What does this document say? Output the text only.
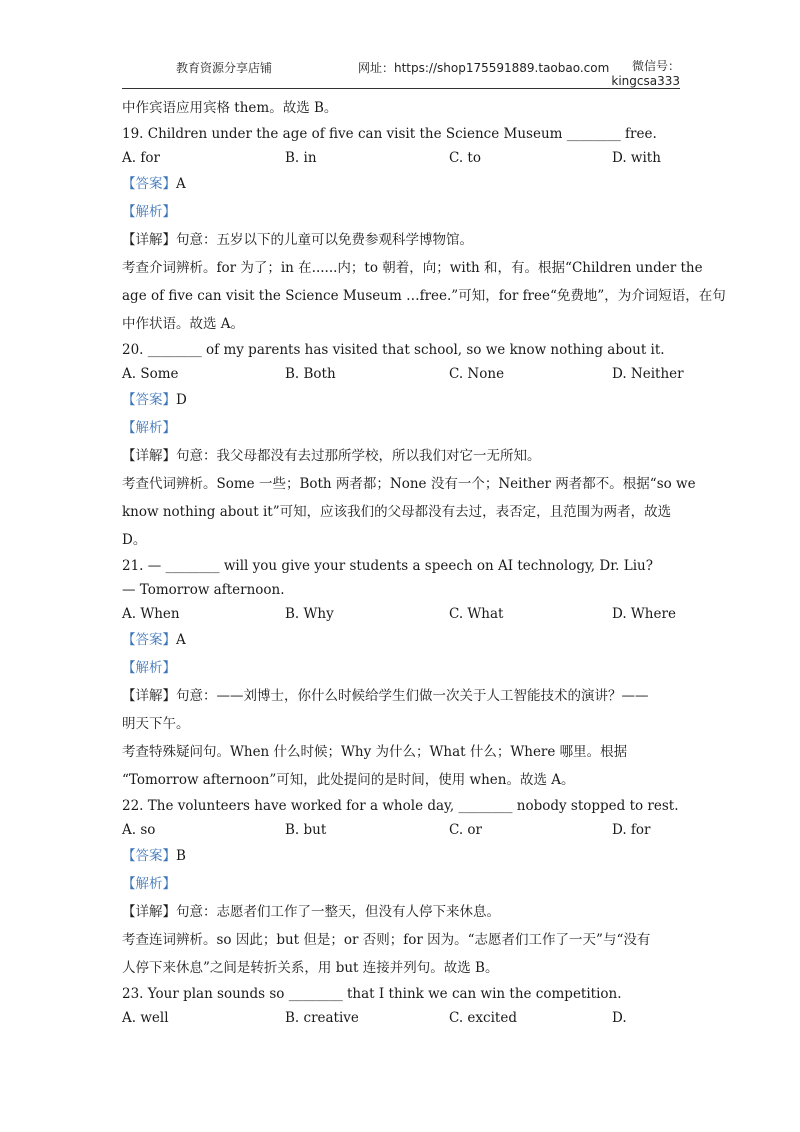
教育资源分享店铺	网址：https://shop175591889.taobao.com	微信号：
kingcsa333
中作宾语应用宾格 them。故选 B。
19. Children under the age of five can visit the Science Museum ________ free.
A. for	B. in	C. to	D. with
【答案】A
【解析】
【详解】句意：五岁以下的儿童可以免费参观科学博物馆。
考查介词辨析。for 为了；in 在......内；to 朝着，向；with 和，有。根据“Children under the
age of five can visit the Science Museum …free.”可知，for free“免费地”，为介词短语，在句
中作状语。故选 A。
20. ________ of my parents has visited that school, so we know nothing about it.
A. Some	B. Both	C. None	D. Neither
【答案】D
【解析】
【详解】句意：我父母都没有去过那所学校，所以我们对它一无所知。
考查代词辨析。Some 一些；Both 两者都；None 没有一个；Neither 两者都不。根据“so we
know nothing about it”可知，应该我们的父母都没有去过，表否定，且范围为两者，故选
D。
21. — ________ will you give your students a speech on AI technology, Dr. Liu?
— Tomorrow afternoon.
A. When	B. Why	C. What	D. Where
【答案】A
【解析】
【详解】句意：——刘博士，你什么时候给学生们做一次关于人工智能技术的演讲？——
明天下午。
考查特殊疑问句。When 什么时候；Why 为什么；What 什么；Where 哪里。根据
“Tomorrow afternoon”可知，此处提问的是时间，使用 when。故选 A。
22. The volunteers have worked for a whole day, ________ nobody stopped to rest.
A. so	B. but	C. or	D. for
【答案】B
【解析】
【详解】句意：志愿者们工作了一整天，但没有人停下来休息。
考查连词辨析。so 因此；but 但是；or 否则；for 因为。“志愿者们工作了一天”与“没有
人停下来休息”之间是转折关系，用 but 连接并列句。故选 B。
23. Your plan sounds so ________ that I think we can win the competition.
A. well	B. creative	C. excited	D.
